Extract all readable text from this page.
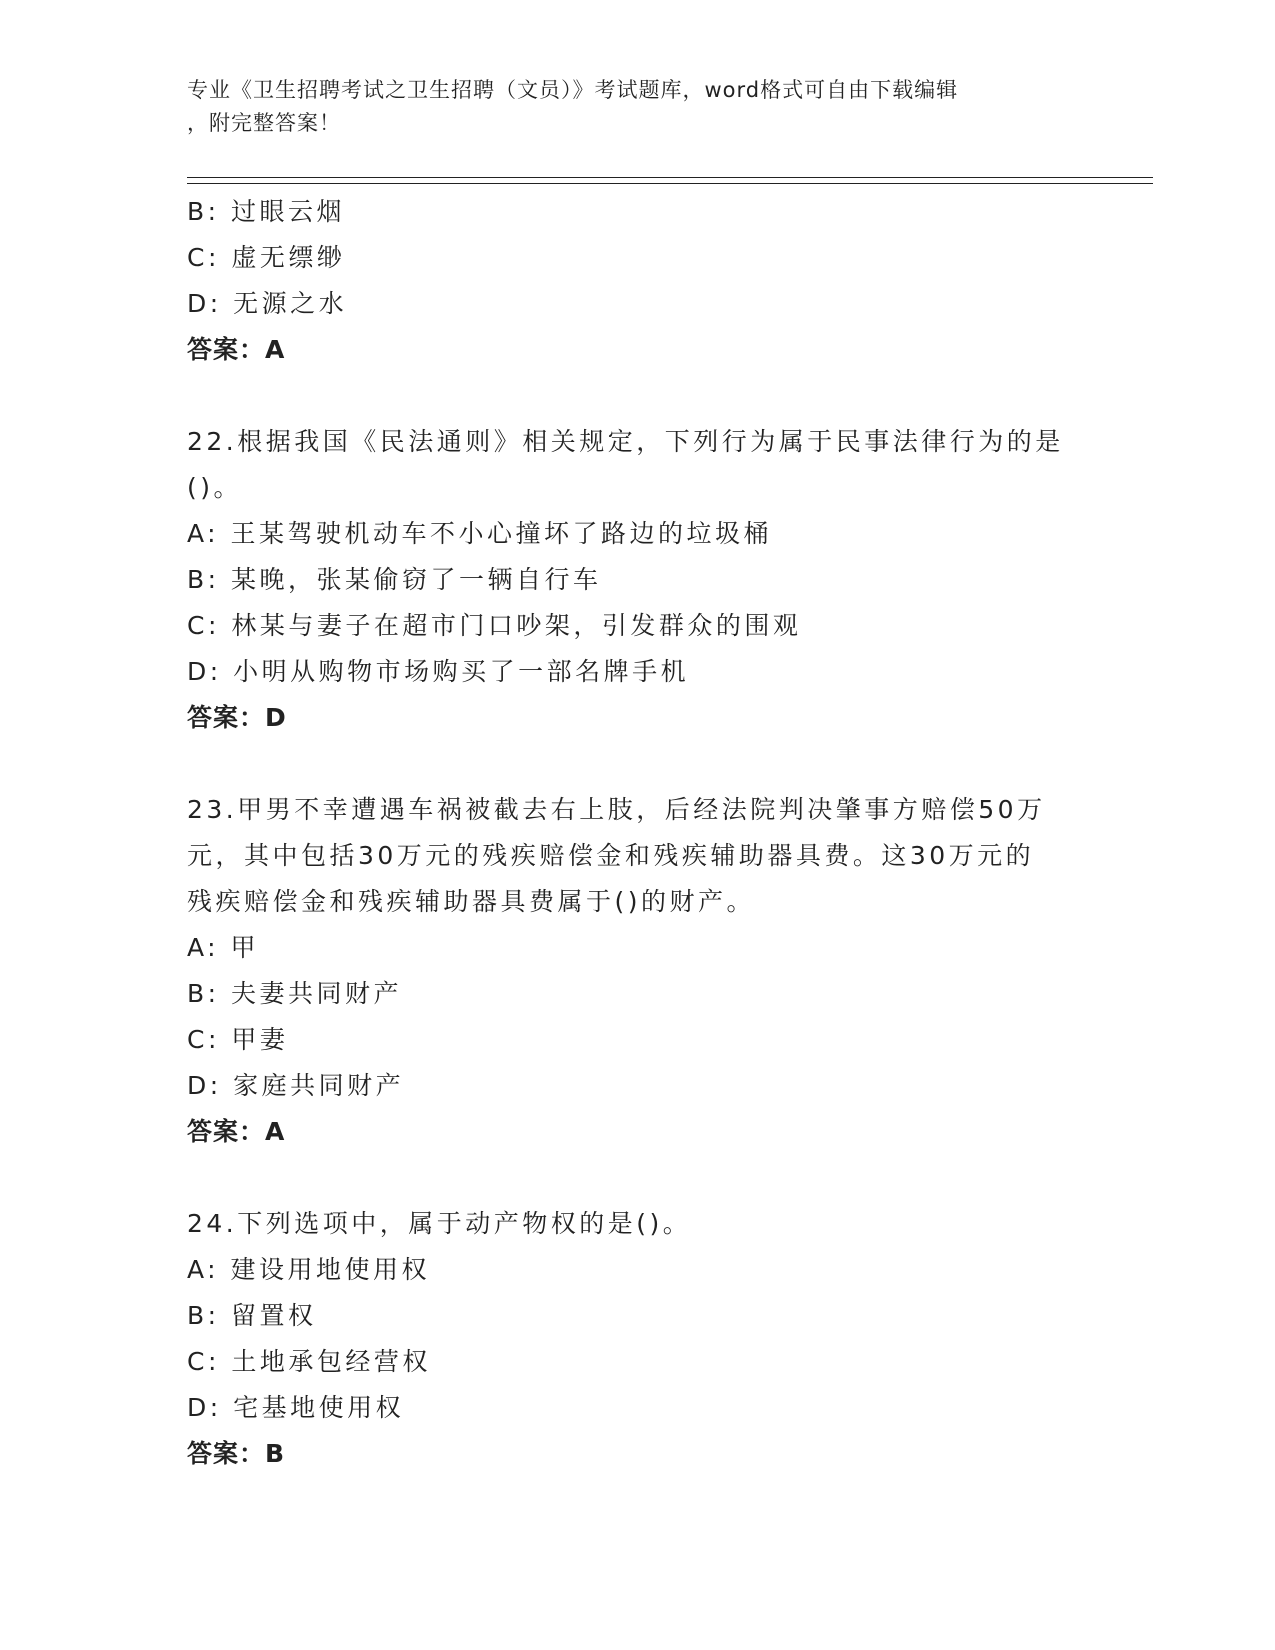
专业《卫生招聘考试之卫生招聘（文员）》考试题库，word格式可自由下载编辑
，附完整答案！
B: 过眼云烟
C: 虚无缥缈
D: 无源之水
答案：A
22.根据我国《民法通则》相关规定，下列行为属于民事法律行为的是
()。
A: 王某驾驶机动车不小心撞坏了路边的垃圾桶
B: 某晚，张某偷窃了一辆自行车
C: 林某与妻子在超市门口吵架，引发群众的围观
D: 小明从购物市场购买了一部名牌手机
答案：D
23.甲男不幸遭遇车祸被截去右上肢，后经法院判决肇事方赔偿50万
元，其中包括30万元的残疾赔偿金和残疾辅助器具费。这30万元的
残疾赔偿金和残疾辅助器具费属于()的财产。
A: 甲
B: 夫妻共同财产
C: 甲妻
D: 家庭共同财产
答案：A
24.下列选项中，属于动产物权的是()。
A: 建设用地使用权
B: 留置权
C: 土地承包经营权
D: 宅基地使用权
答案：B
